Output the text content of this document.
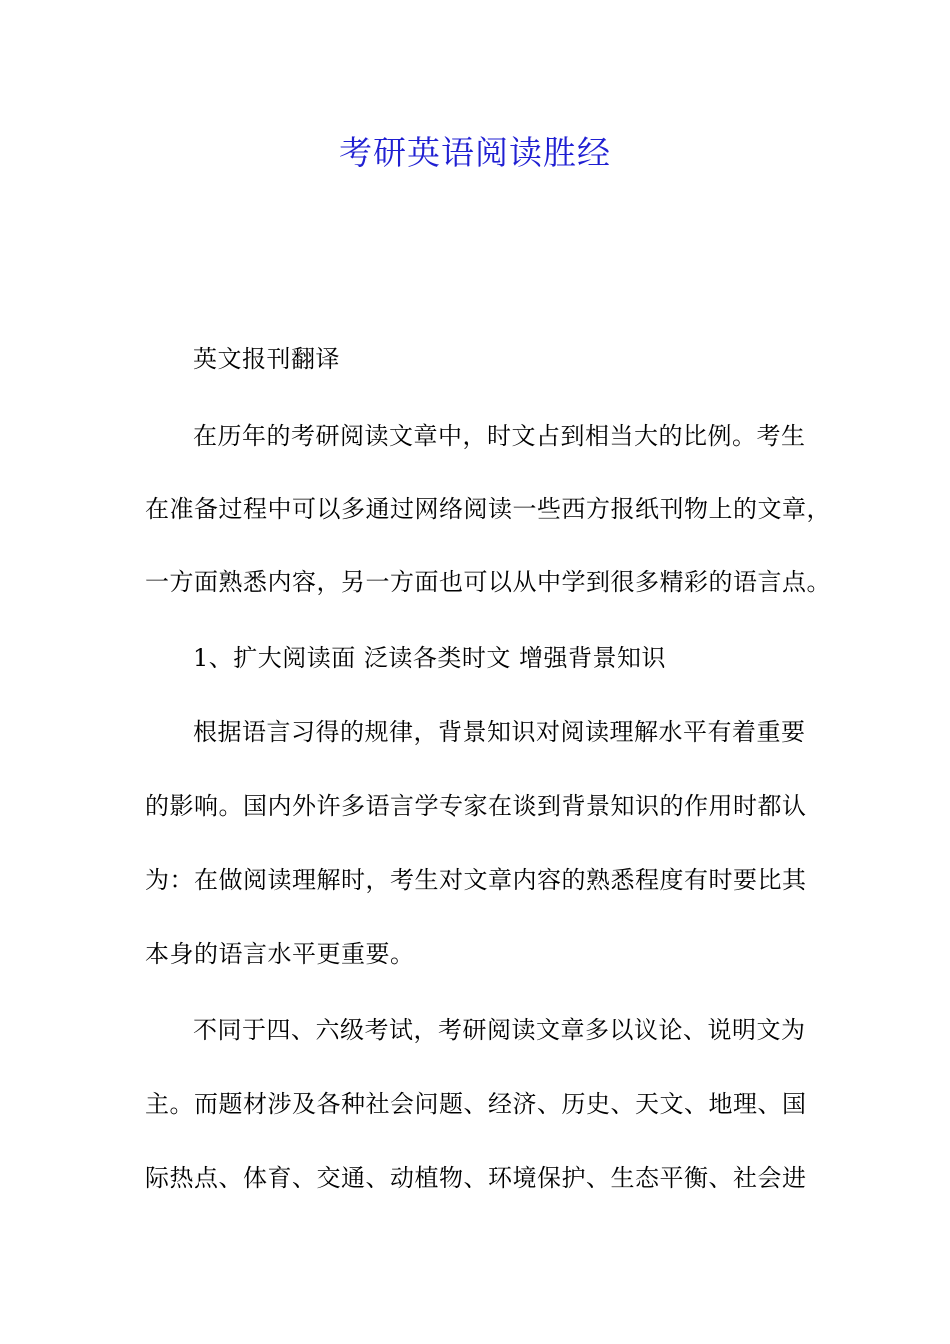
考研英语阅读胜经

英文报刊翻译

在历年的考研阅读文章中，时文占到相当大的比例。考生

在准备过程中可以多通过网络阅读一些西方报纸刊物上的文章，

一方面熟悉内容，另一方面也可以从中学到很多精彩的语言点。

1、扩大阅读面 泛读各类时文 增强背景知识

根据语言习得的规律，背景知识对阅读理解水平有着重要

的影响。国内外许多语言学专家在谈到背景知识的作用时都认

为：在做阅读理解时，考生对文章内容的熟悉程度有时要比其

本身的语言水平更重要。

不同于四、六级考试，考研阅读文章多以议论、说明文为

主。而题材涉及各种社会问题、经济、历史、天文、地理、国

际热点、体育、交通、动植物、环境保护、生态平衡、社会进
